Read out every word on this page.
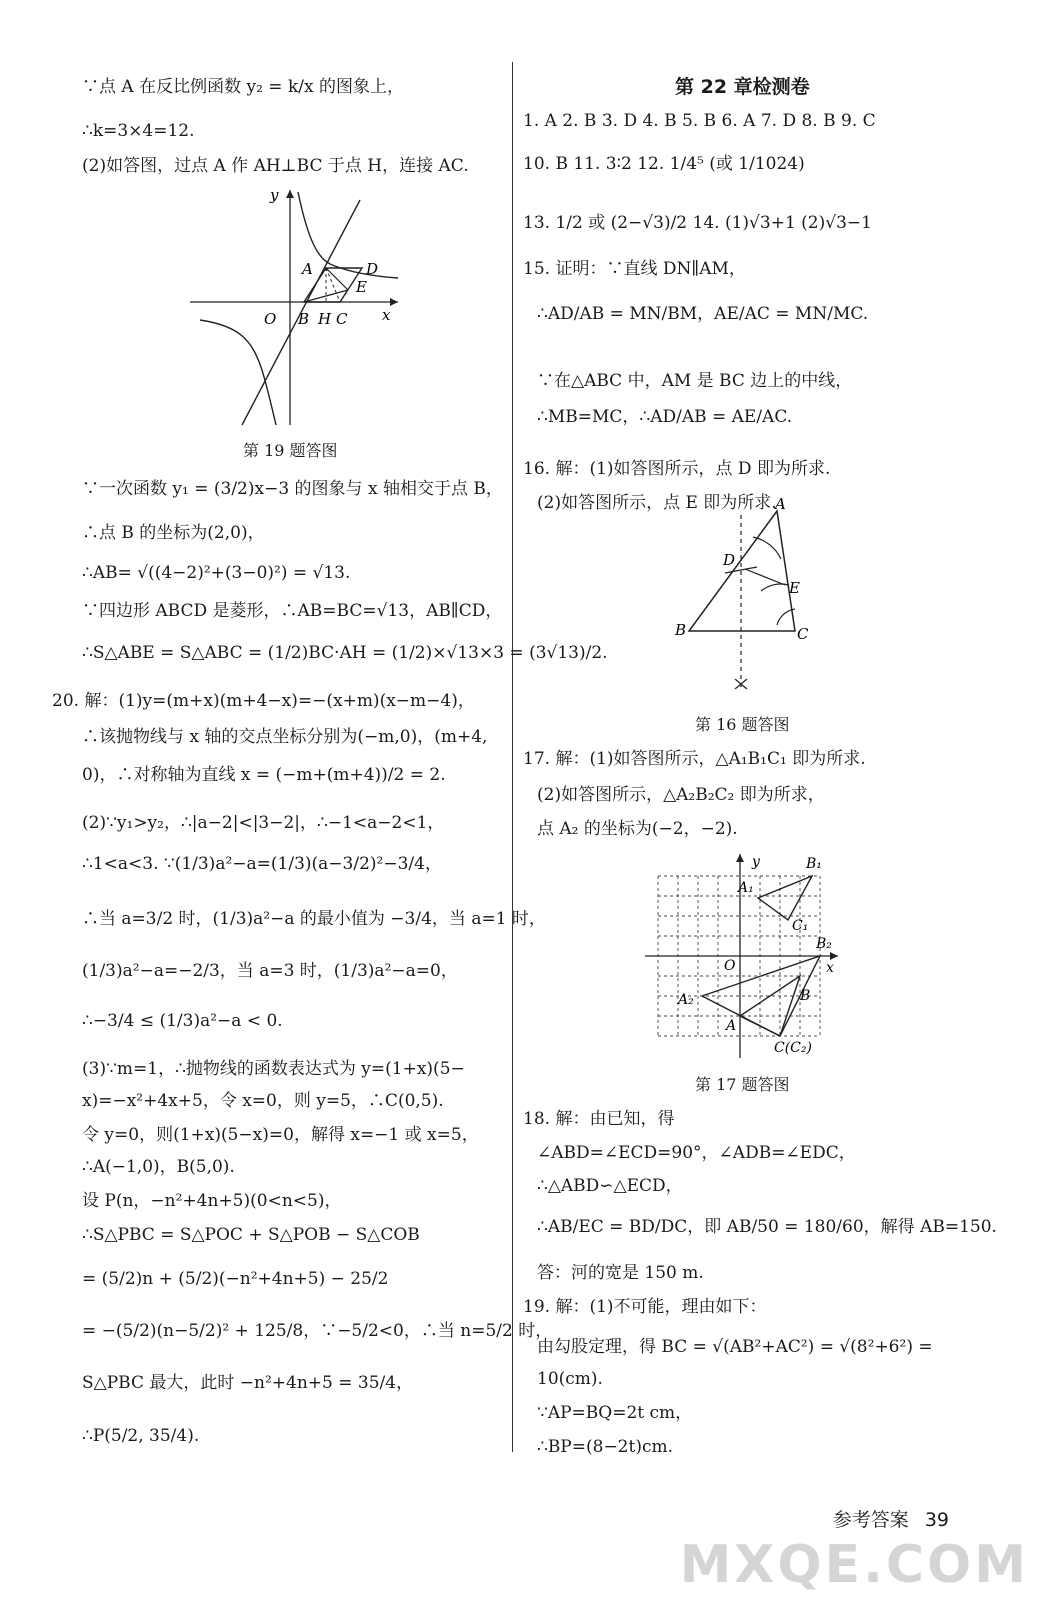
∵点 A 在反比例函数 y₂ = k/x 的图象上，
∴k=3×4=12.
(2)如答图，过点 A 作 AH⊥BC 于点 H，连接 AC.
y
A	D
E
O B H C x
第 19 题答图
∵一次函数 y₁ = (3/2)x−3 的图象与 x 轴相交于点 B，
∴点 B 的坐标为(2,0)，
∴AB= √((4−2)²+(3−0)²) = √13.
∵四边形 ABCD 是菱形，∴AB=BC=√13，AB∥CD，
∴S△ABE = S△ABC = (1/2)BC·AH = (1/2)×√13×3 = (3√13)/2.
20. 解：(1)y=(m+x)(m+4−x)=−(x+m)(x−m−4)，
∴该抛物线与 x 轴的交点坐标分别为(−m,0)，(m+4,
0)，∴对称轴为直线 x = (−m+(m+4))/2 = 2.
(2)∵y₁>y₂，∴|a−2|<|3−2|，∴−1<a−2<1，
∴1<a<3. ∵(1/3)a²−a=(1/3)(a−3/2)²−3/4，
∴当 a=3/2 时，(1/3)a²−a 的最小值为 −3/4，当 a=1 时，
(1/3)a²−a=−2/3，当 a=3 时，(1/3)a²−a=0，
∴−3/4 ≤ (1/3)a²−a < 0.
(3)∵m=1，∴抛物线的函数表达式为 y=(1+x)(5−
x)=−x²+4x+5，令 x=0，则 y=5，∴C(0,5).
令 y=0，则(1+x)(5−x)=0，解得 x=−1 或 x=5，
∴A(−1,0)，B(5,0).
设 P(n，−n²+4n+5)(0<n<5)，
∴S△PBC = S△POC + S△POB − S△COB
= (5/2)n + (5/2)(−n²+4n+5) − 25/2
= −(5/2)(n−5/2)² + 125/8，∵−5/2<0，∴当 n=5/2 时，
S△PBC 最大，此时 −n²+4n+5 = 35/4，
∴P(5/2, 35/4).
第 22 章检测卷
1. A 2. B 3. D 4. B 5. B 6. A 7. D 8. B 9. C
10. B 11. 3∶2 12. 1/4⁵ (或 1/1024)
13. 1/2 或 (2−√3)/2 14. (1)√3+1 (2)√3−1
15. 证明：∵直线 DN∥AM，
∴AD/AB = MN/BM，AE/AC = MN/MC.
∵在△ABC 中，AM 是 BC 边上的中线，
∴MB=MC，∴AD/AB = AE/AC.
16. 解：(1)如答图所示，点 D 即为所求.
(2)如答图所示，点 E 即为所求.
A
D
E
B	C
第 16 题答图
17. 解：(1)如答图所示，△A₁B₁C₁ 即为所求.
(2)如答图所示，△A₂B₂C₂ 即为所求，
点 A₂ 的坐标为(−2，−2).
y	B₁
A₁
C₁
B₂
O	x
A₂	B
A
C(C₂)
第 17 题答图
18. 解：由已知，得
∠ABD=∠ECD=90°，∠ADB=∠EDC，
∴△ABD∽△ECD，
∴AB/EC = BD/DC，即 AB/50 = 180/60，解得 AB=150.
答：河的宽是 150 m.
19. 解：(1)不可能，理由如下：
由勾股定理，得 BC = √(AB²+AC²) = √(8²+6²) =
10(cm).
∵AP=BQ=2t cm，
∴BP=(8−2t)cm.
参考答案 39
MXQE.COM
